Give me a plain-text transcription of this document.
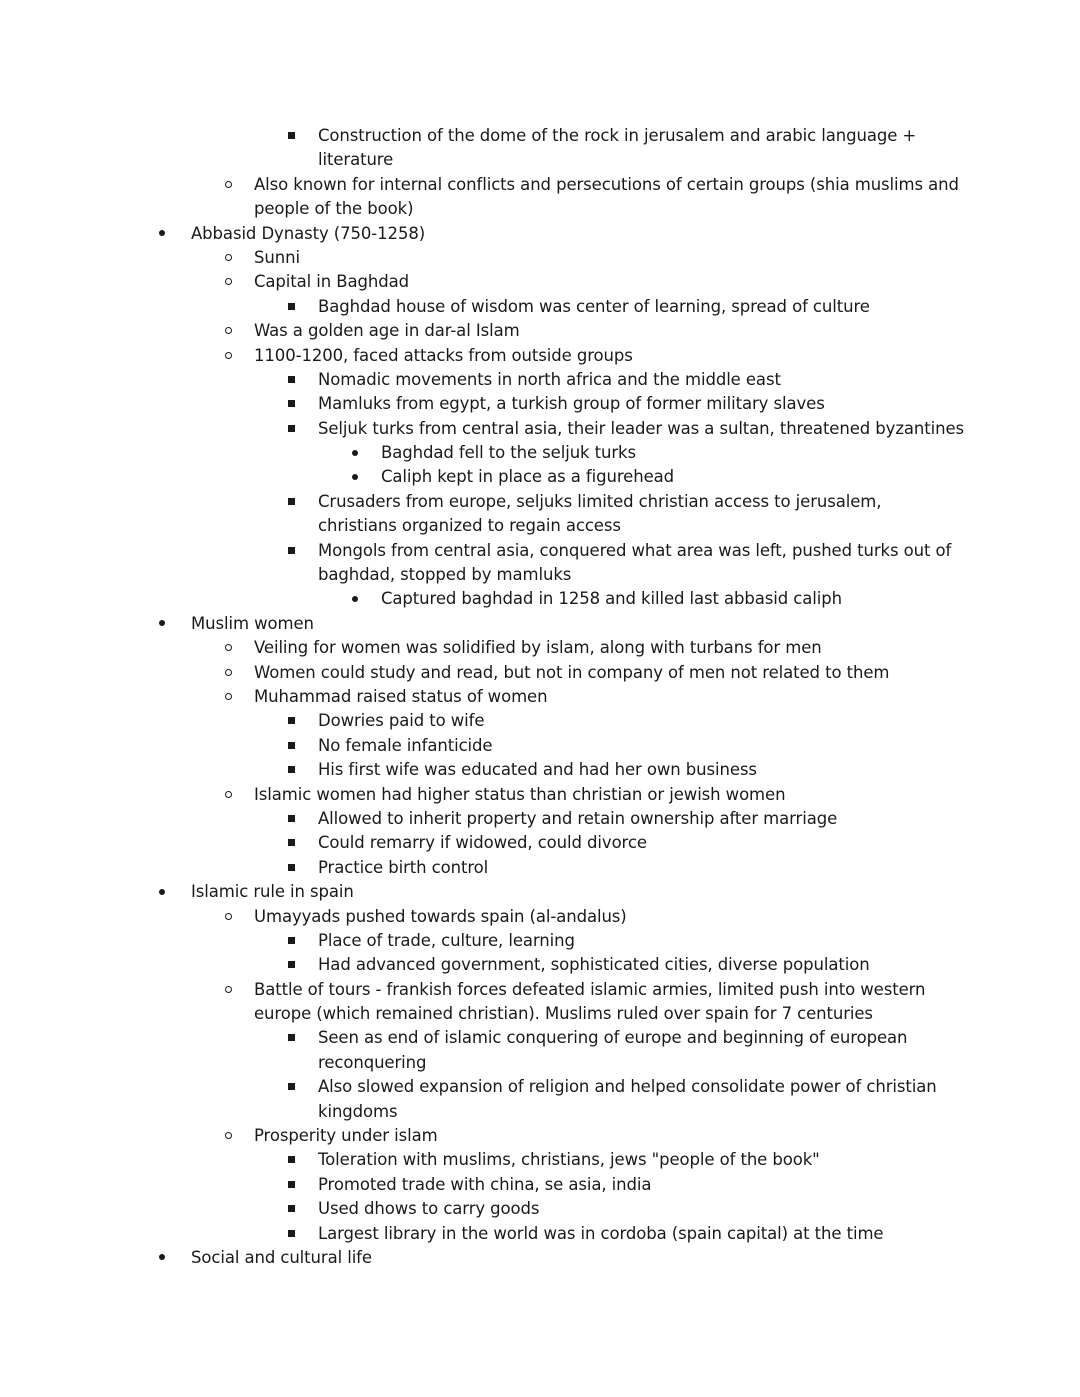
Construction of the dome of the rock in jerusalem and arabic language +
literature
Also known for internal conflicts and persecutions of certain groups (shia muslims and
people of the book)
Abbasid Dynasty (750-1258)
Sunni
Capital in Baghdad
Baghdad house of wisdom was center of learning, spread of culture
Was a golden age in dar-al Islam
1100-1200, faced attacks from outside groups
Nomadic movements in north africa and the middle east
Mamluks from egypt, a turkish group of former military slaves
Seljuk turks from central asia, their leader was a sultan, threatened byzantines
Baghdad fell to the seljuk turks
Caliph kept in place as a figurehead
Crusaders from europe, seljuks limited christian access to jerusalem,
christians organized to regain access
Mongols from central asia, conquered what area was left, pushed turks out of
baghdad, stopped by mamluks
Captured baghdad in 1258 and killed last abbasid caliph
Muslim women
Veiling for women was solidified by islam, along with turbans for men
Women could study and read, but not in company of men not related to them
Muhammad raised status of women
Dowries paid to wife
No female infanticide
His first wife was educated and had her own business
Islamic women had higher status than christian or jewish women
Allowed to inherit property and retain ownership after marriage
Could remarry if widowed, could divorce
Practice birth control
Islamic rule in spain
Umayyads pushed towards spain (al-andalus)
Place of trade, culture, learning
Had advanced government, sophisticated cities, diverse population
Battle of tours - frankish forces defeated islamic armies, limited push into western
europe (which remained christian). Muslims ruled over spain for 7 centuries
Seen as end of islamic conquering of europe and beginning of european
reconquering
Also slowed expansion of religion and helped consolidate power of christian
kingdoms
Prosperity under islam
Toleration with muslims, christians, jews "people of the book"
Promoted trade with china, se asia, india
Used dhows to carry goods
Largest library in the world was in cordoba (spain capital) at the time
Social and cultural life
